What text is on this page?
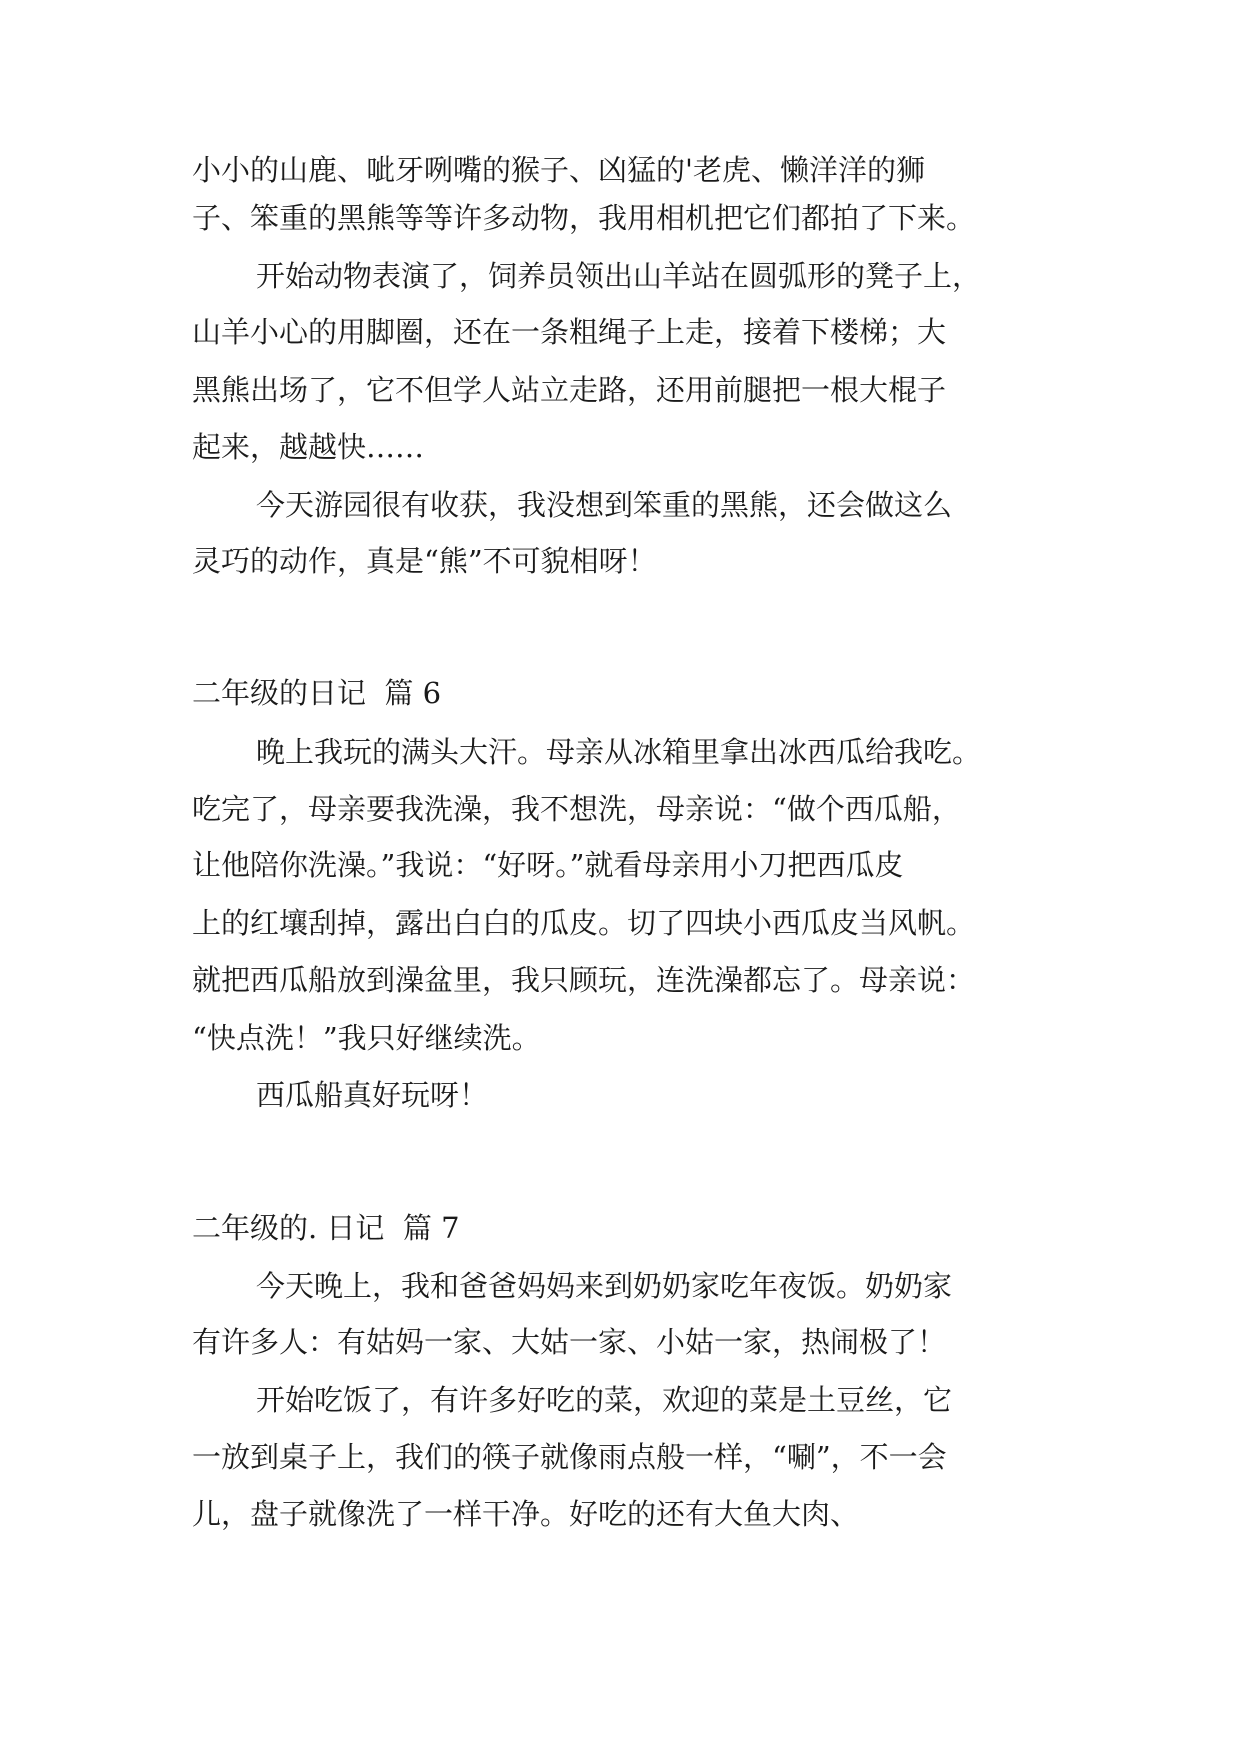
小小的山鹿、呲牙咧嘴的猴子、凶猛的'老虎、懒洋洋的狮

子、笨重的黑熊等等许多动物，我用相机把它们都拍了下来。

开始动物表演了，饲养员领出山羊站在圆弧形的凳子上，

山羊小心的用脚圈，还在一条粗绳子上走，接着下楼梯；大

黑熊出场了，它不但学人站立走路，还用前腿把一根大棍子

起来，越越快……

今天游园很有收获，我没想到笨重的黑熊，还会做这么

灵巧的动作，真是“熊”不可貌相呀！

二年级的日记  篇 6

晚上我玩的满头大汗。母亲从冰箱里拿出冰西瓜给我吃。

吃完了，母亲要我洗澡，我不想洗，母亲说：“做个西瓜船，

让他陪你洗澡。”我说：“好呀。”就看母亲用小刀把西瓜皮

上的红壤刮掉，露出白白的瓜皮。切了四块小西瓜皮当风帆。

就把西瓜船放到澡盆里，我只顾玩，连洗澡都忘了。母亲说：

“快点洗！”我只好继续洗。

西瓜船真好玩呀！

二年级的. 日记  篇 7

今天晚上，我和爸爸妈妈来到奶奶家吃年夜饭。奶奶家

有许多人：有姑妈一家、大姑一家、小姑一家，热闹极了！

开始吃饭了，有许多好吃的菜，欢迎的菜是土豆丝，它

一放到桌子上，我们的筷子就像雨点般一样，“唰”，不一会

儿，盘子就像洗了一样干净。好吃的还有大鱼大肉、
